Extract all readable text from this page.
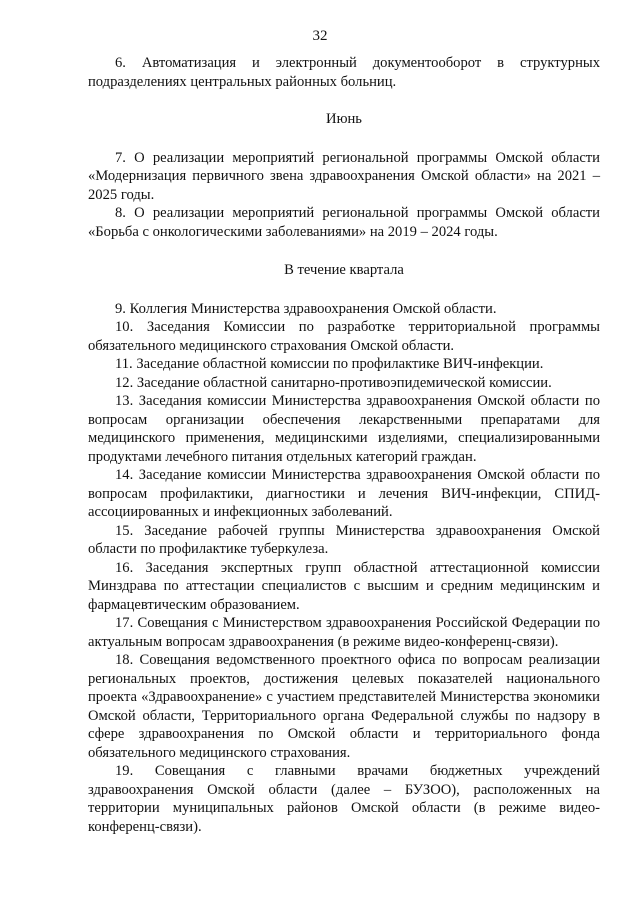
32

6. Автоматизация и электронный документооборот в структурных подразделениях центральных районных больниц.

Июнь

7. О реализации мероприятий региональной программы Омской области «Модернизация первичного звена здравоохранения Омской области» на 2021 – 2025 годы.

8. О реализации мероприятий региональной программы Омской области «Борьба с онкологическими заболеваниями» на 2019 – 2024 годы.

В течение квартала

9. Коллегия Министерства здравоохранения Омской области.

10. Заседания Комиссии по разработке территориальной программы обязательного медицинского страхования Омской области.

11. Заседание областной комиссии по профилактике ВИЧ-инфекции.

12. Заседание областной санитарно-противоэпидемической комиссии.

13. Заседания комиссии Министерства здравоохранения Омской области по вопросам организации обеспечения лекарственными препаратами для медицинского применения, медицинскими изделиями, специализированными продуктами лечебного питания отдельных категорий граждан.

14. Заседание комиссии Министерства здравоохранения Омской области по вопросам профилактики, диагностики и лечения ВИЧ-инфекции, СПИД-ассоциированных и инфекционных заболеваний.

15. Заседание рабочей группы Министерства здравоохранения Омской области по профилактике туберкулеза.

16. Заседания экспертных групп областной аттестационной комиссии Минздрава по аттестации специалистов с высшим и средним медицинским и фармацевтическим образованием.

17. Совещания с Министерством здравоохранения Российской Федерации по актуальным вопросам здравоохранения (в режиме видео-конференц-связи).

18. Совещания ведомственного проектного офиса по вопросам реализации региональных проектов, достижения целевых показателей национального проекта «Здравоохранение» с участием представителей Министерства экономики Омской области, Территориального органа Федеральной службы по надзору в сфере здравоохранения по Омской области и территориального фонда обязательного медицинского страхования.

19. Совещания с главными врачами бюджетных учреждений здравоохранения Омской области (далее – БУЗОО), расположенных на территории муниципальных районов Омской области (в режиме видео-конференц-связи).
